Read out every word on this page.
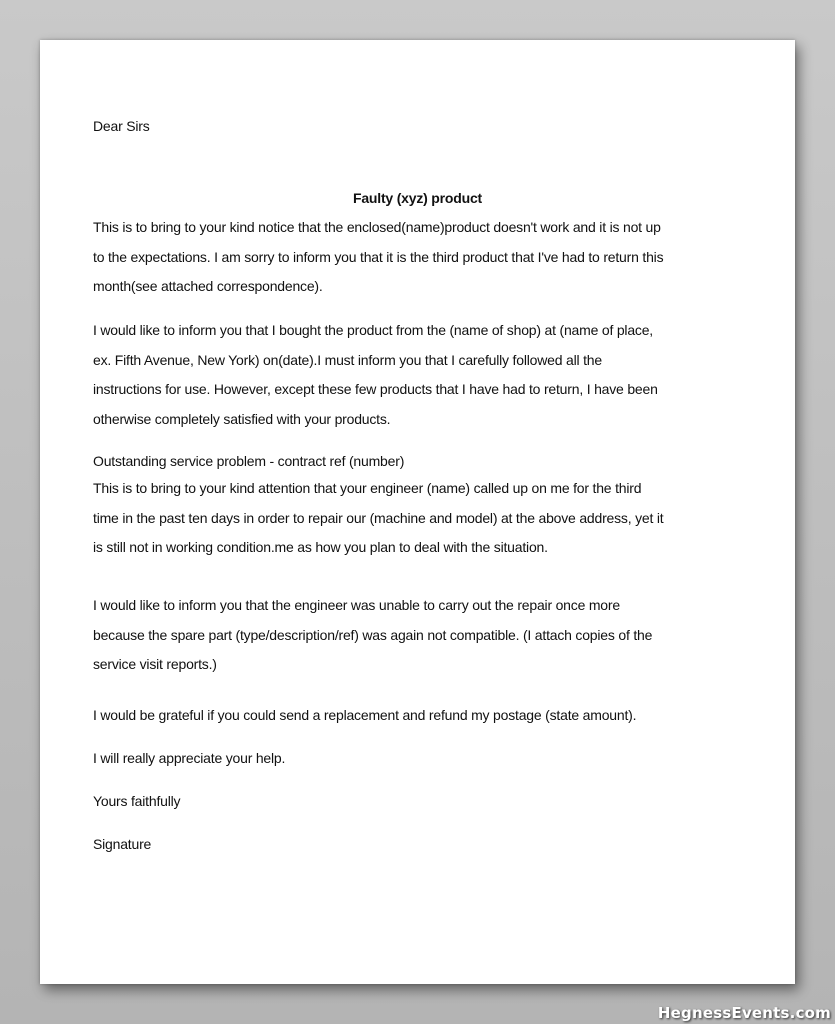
Dear Sirs

Faulty (xyz) product

This is to bring to your kind notice that the enclosed(name)product doesn't work and it is not up
to the expectations. I am sorry to inform you that it is the third product that I've had to return this
month(see attached correspondence).
I would like to inform you that I bought the product from the (name of shop) at (name of place,
ex. Fifth Avenue, New York) on(date).I must inform you that I carefully followed all the
instructions for use. However, except these few products that I have had to return, I have been
otherwise completely satisfied with your products.

Outstanding service problem - contract ref (number)

This is to bring to your kind attention that your engineer (name) called up on me for the third
time in the past ten days in order to repair our (machine and model) at the above address, yet it
is still not in working condition.me as how you plan to deal with the situation.
I would like to inform you that the engineer was unable to carry out the repair once more
because the spare part (type/description/ref) was again not compatible. (I attach copies of the
service visit reports.)

I would be grateful if you could send a replacement and refund my postage (state amount).

I will really appreciate your help.

Yours faithfully

Signature

HegnessEvents.com
